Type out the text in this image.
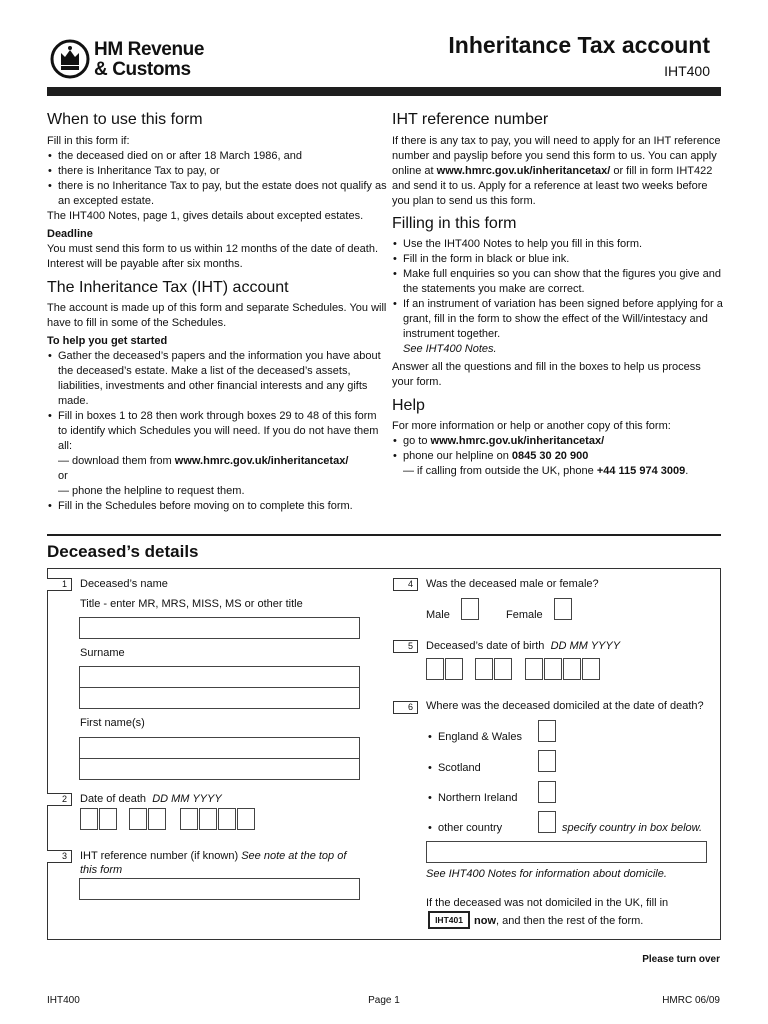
HM Revenue
& Customs
Inheritance Tax account
IHT400
When to use this form

Fill in this form if:

• the deceased died on or after 18 March 1986, and
• there is Inheritance Tax to pay, or
• there is no Inheritance Tax to pay, but the estate does not qualify as an excepted estate.

The IHT400 Notes, page 1, gives details about excepted estates.

Deadline

You must send this form to us within 12 months of the date of death. Interest will be payable after six months.

The Inheritance Tax (IHT) account

The account is made up of this form and separate Schedules. You will have to fill in some of the Schedules.

To help you get started

• Gather the deceased’s papers and the information you have about the deceased’s estate. Make a list of the deceased’s assets, liabilities, investments and other financial interests and any gifts made.
• Fill in boxes 1 to 28 then work through boxes 29 to 48 of this form to identify which Schedules you will need. If you do not have them all:
— download them from www.hmrc.gov.uk/inheritancetax/
or
— phone the helpline to request them.
• Fill in the Schedules before moving on to complete this form.
IHT reference number

If there is any tax to pay, you will need to apply for an IHT reference number and payslip before you send this form to us. You can apply online at www.hmrc.gov.uk/inheritancetax/ or fill in form IHT422 and send it to us. Apply for a reference at least two weeks before you plan to send us this form.

Filling in this form
• Use the IHT400 Notes to help you fill in this form.
• Fill in the form in black or blue ink.
• Make full enquiries so you can show that the figures you give and the statements you make are correct.
• If an instrument of variation has been signed before applying for a grant, fill in the form to show the effect of the Will/intestacy and instrument together.
See IHT400 Notes.

Answer all the questions and fill in the boxes to help us process your form.

Help

For more information or help or another copy of this form:

• go to www.hmrc.gov.uk/inheritancetax/
• phone our helpline on 0845 30 20 900
— if calling from outside the UK, phone +44 115 974 3009.
Deceased’s details
1	Deceased’s name
Title - enter MR, MRS, MISS, MS or other title
Surname
First name(s)
2	Date of death DD MM YYYY
3	IHT reference number (if known) See note at the top of this form
4	Was the deceased male or female?
Male	Female
5	Deceased’s date of birth DD MM YYYY
6	Where was the deceased domiciled at the date of death?
•  England & Wales
•  Scotland
•  Northern Ireland
•  other country	specify country in box below.
See IHT400 Notes for information about domicile.
If the deceased was not domiciled in the UK, fill in
IHT401	now, and then the rest of the form.
Please turn over
IHT400	Page 1	HMRC 06/09
